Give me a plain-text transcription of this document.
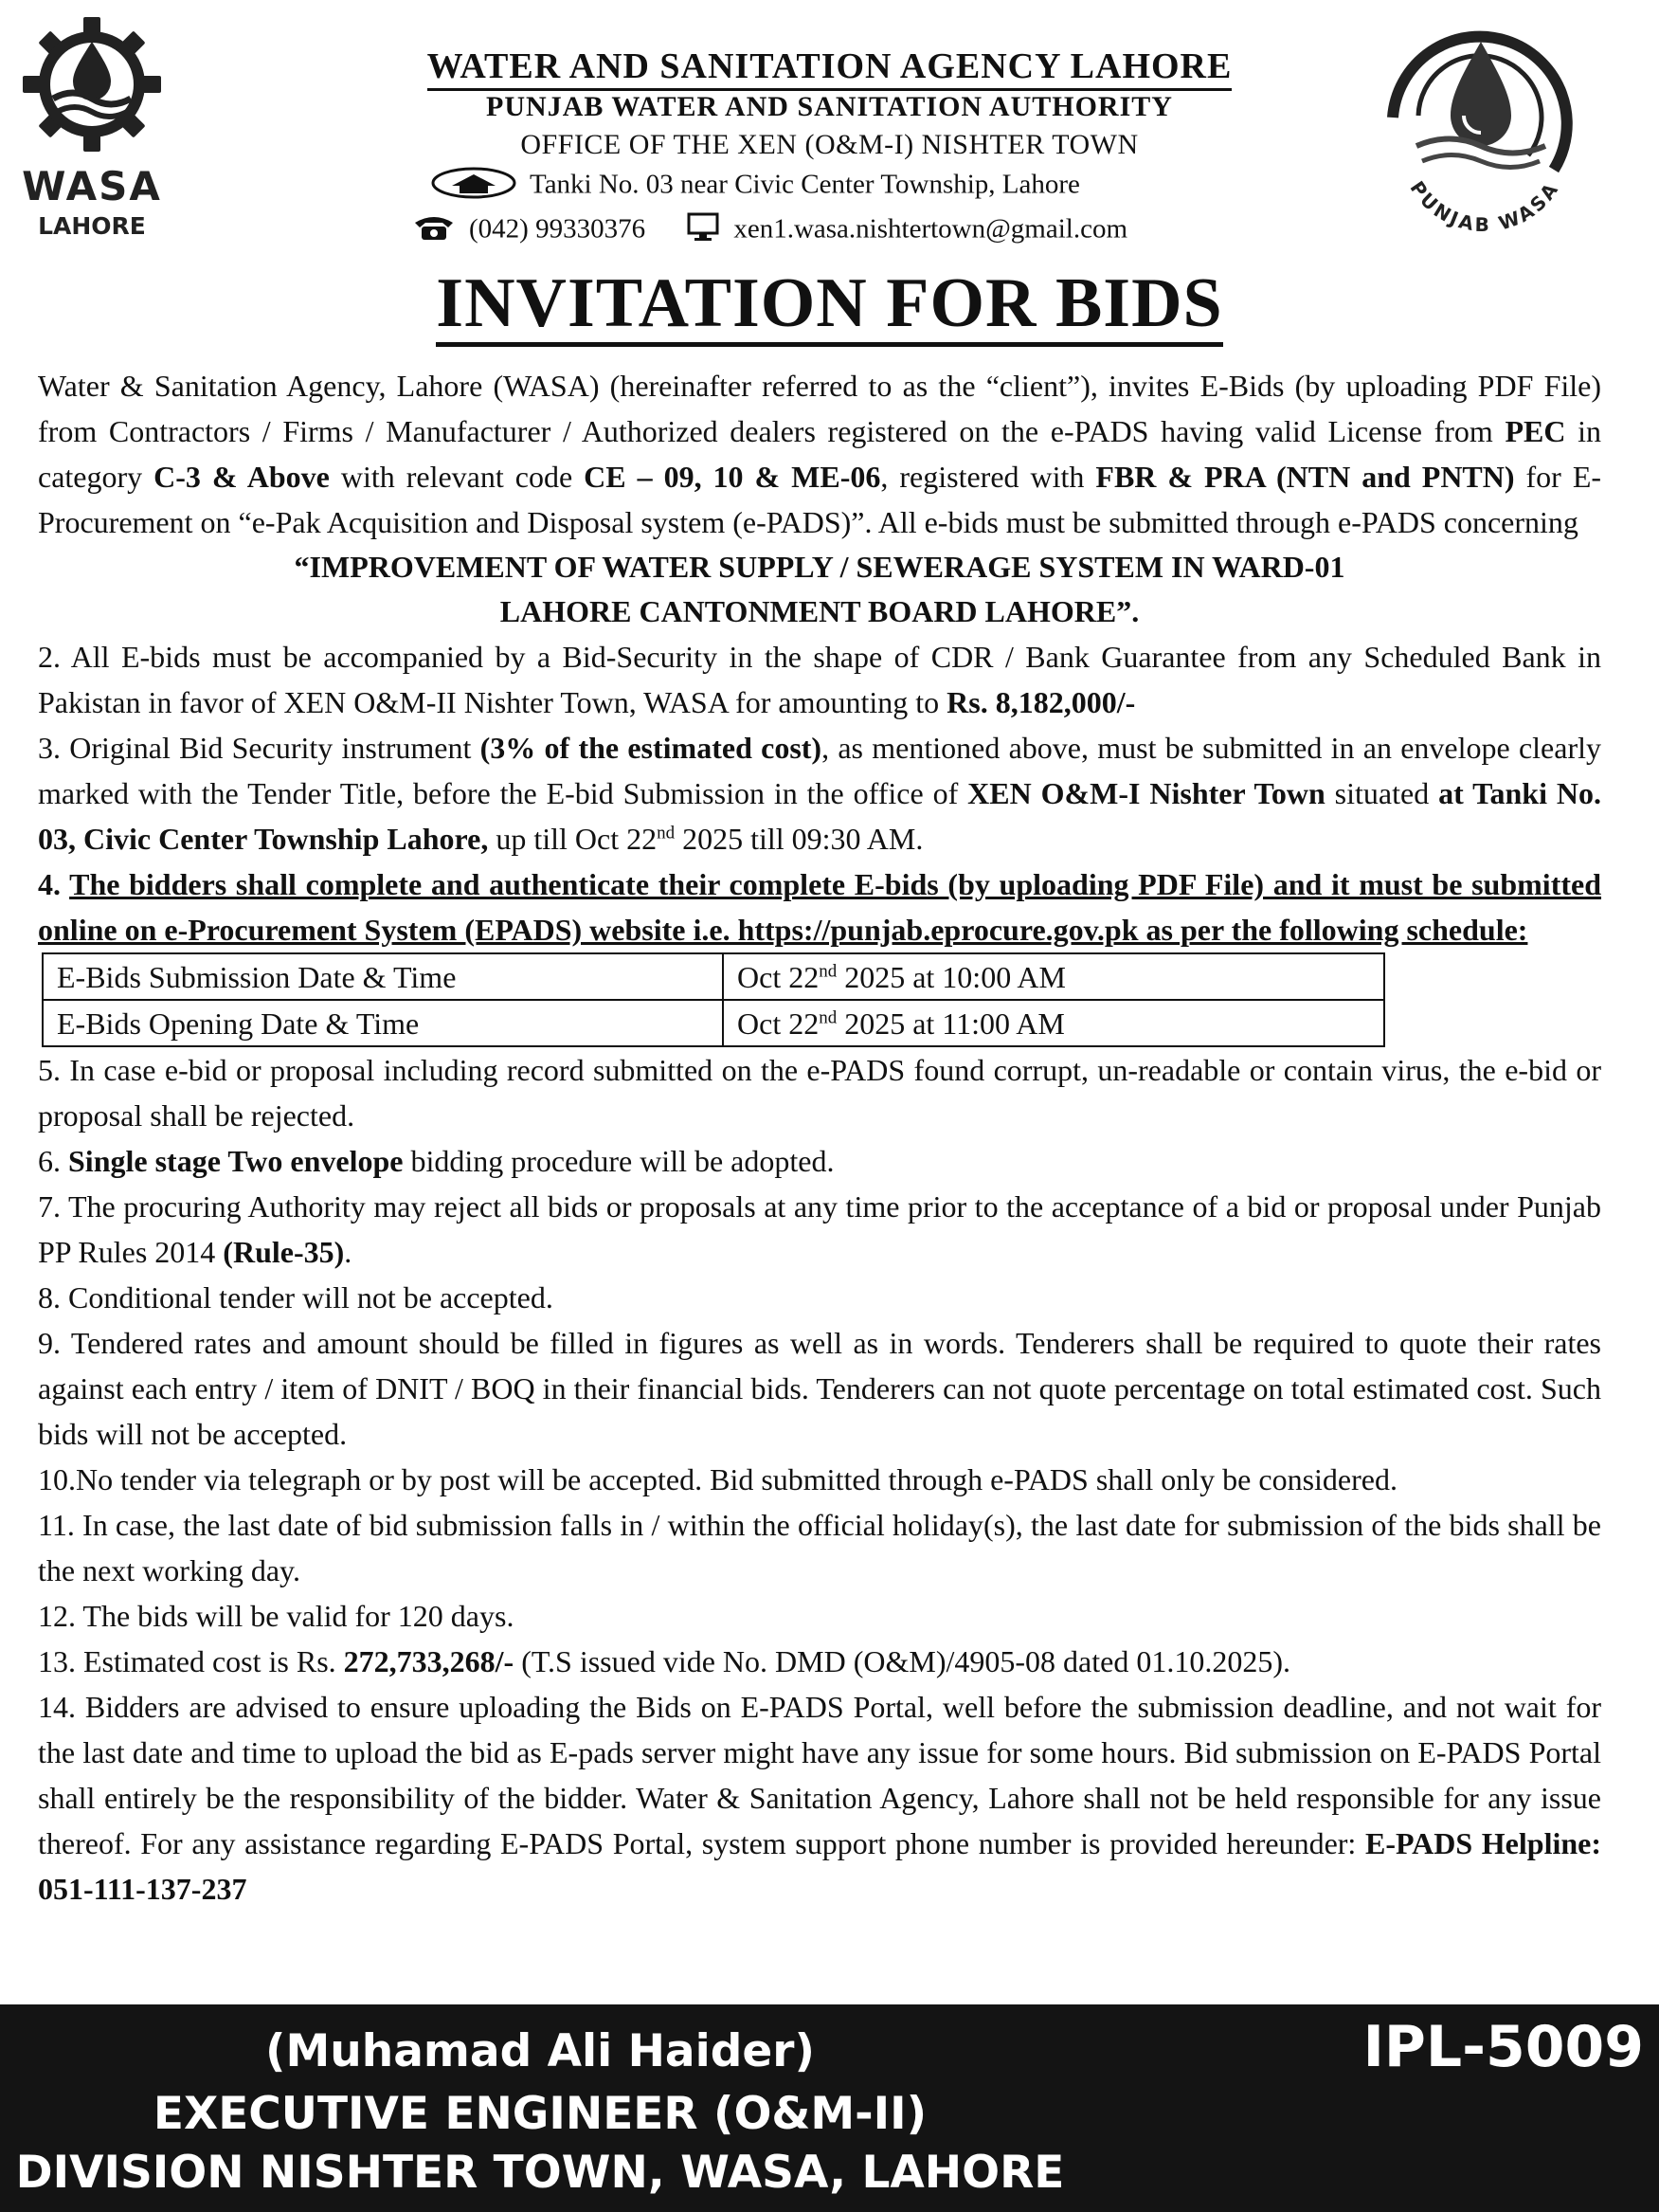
WASA
LAHORE
PUNJAB WASA
WATER AND SANITATION AGENCY LAHORE
PUNJAB WATER AND SANITATION AUTHORITY
OFFICE OF THE XEN (O&M-I) NISHTER TOWN
Tanki No. 03 near Civic Center Township, Lahore
(042) 99330376	xen1.wasa.nishtertown@gmail.com
INVITATION FOR BIDS

Water & Sanitation Agency, Lahore (WASA) (hereinafter referred to as the “client”), invites E-Bids (by uploading PDF File) from Contractors / Firms / Manufacturer / Authorized dealers registered on the e-PADS having valid License from PEC in category C-3 & Above with relevant code CE – 09, 10 & ME-06, registered with FBR & PRA (NTN and PNTN) for E-Procurement on “e-Pak Acquisition and Disposal system (e-PADS)”. All e-bids must be submitted through e-PADS concerning

“IMPROVEMENT OF WATER SUPPLY / SEWERAGE SYSTEM IN WARD-01
LAHORE CANTONMENT BOARD LAHORE”.

2. All E-bids must be accompanied by a Bid-Security in the shape of CDR / Bank Guarantee from any Scheduled Bank in Pakistan in favor of XEN O&M-II Nishter Town, WASA for amounting to Rs. 8,182,000/-

3. Original Bid Security instrument (3% of the estimated cost), as mentioned above, must be submitted in an envelope clearly marked with the Tender Title, before the E-bid Submission in the office of XEN O&M-I Nishter Town situated at Tanki No. 03, Civic Center Township Lahore, up till Oct 22nd 2025 till 09:30 AM.

4. The bidders shall complete and authenticate their complete E-bids (by uploading PDF File) and it must be submitted online on e-Procurement System (EPADS) website i.e. https://punjab.eprocure.gov.pk as per the following schedule:

E-Bids Submission Date & Time	Oct 22nd 2025 at 10:00 AM
E-Bids Opening Date & Time	Oct 22nd 2025 at 11:00 AM

5. In case e-bid or proposal including record submitted on the e-PADS found corrupt, un-readable or contain virus, the e-bid or proposal shall be rejected.

6. Single stage Two envelope bidding procedure will be adopted.

7. The procuring Authority may reject all bids or proposals at any time prior to the acceptance of a bid or proposal under Punjab PP Rules 2014 (Rule-35).

8. Conditional tender will not be accepted.

9. Tendered rates and amount should be filled in figures as well as in words. Tenderers shall be required to quote their rates against each entry / item of DNIT / BOQ in their financial bids. Tenderers can not quote percentage on total estimated cost. Such bids will not be accepted.

10.No tender via telegraph or by post will be accepted. Bid submitted through e-PADS shall only be considered.

11. In case, the last date of bid submission falls in / within the official holiday(s), the last date for submission of the bids shall be the next working day.

12. The bids will be valid for 120 days.

13. Estimated cost is Rs. 272,733,268/- (T.S issued vide No. DMD (O&M)/4905-08 dated 01.10.2025).

14. Bidders are advised to ensure uploading the Bids on E-PADS Portal, well before the submission deadline, and not wait for the last date and time to upload the bid as E-pads server might have any issue for some hours. Bid submission on E-PADS Portal shall entirely be the responsibility of the bidder. Water & Sanitation Agency, Lahore shall not be held responsible for any issue thereof. For any assistance regarding E-PADS Portal, system support phone number is provided hereunder: E-PADS Helpline: 051-111-137-237

(Muhamad Ali Haider)
EXECUTIVE ENGINEER (O&M-II)
DIVISION NISHTER TOWN, WASA, LAHORE
IPL-5009
